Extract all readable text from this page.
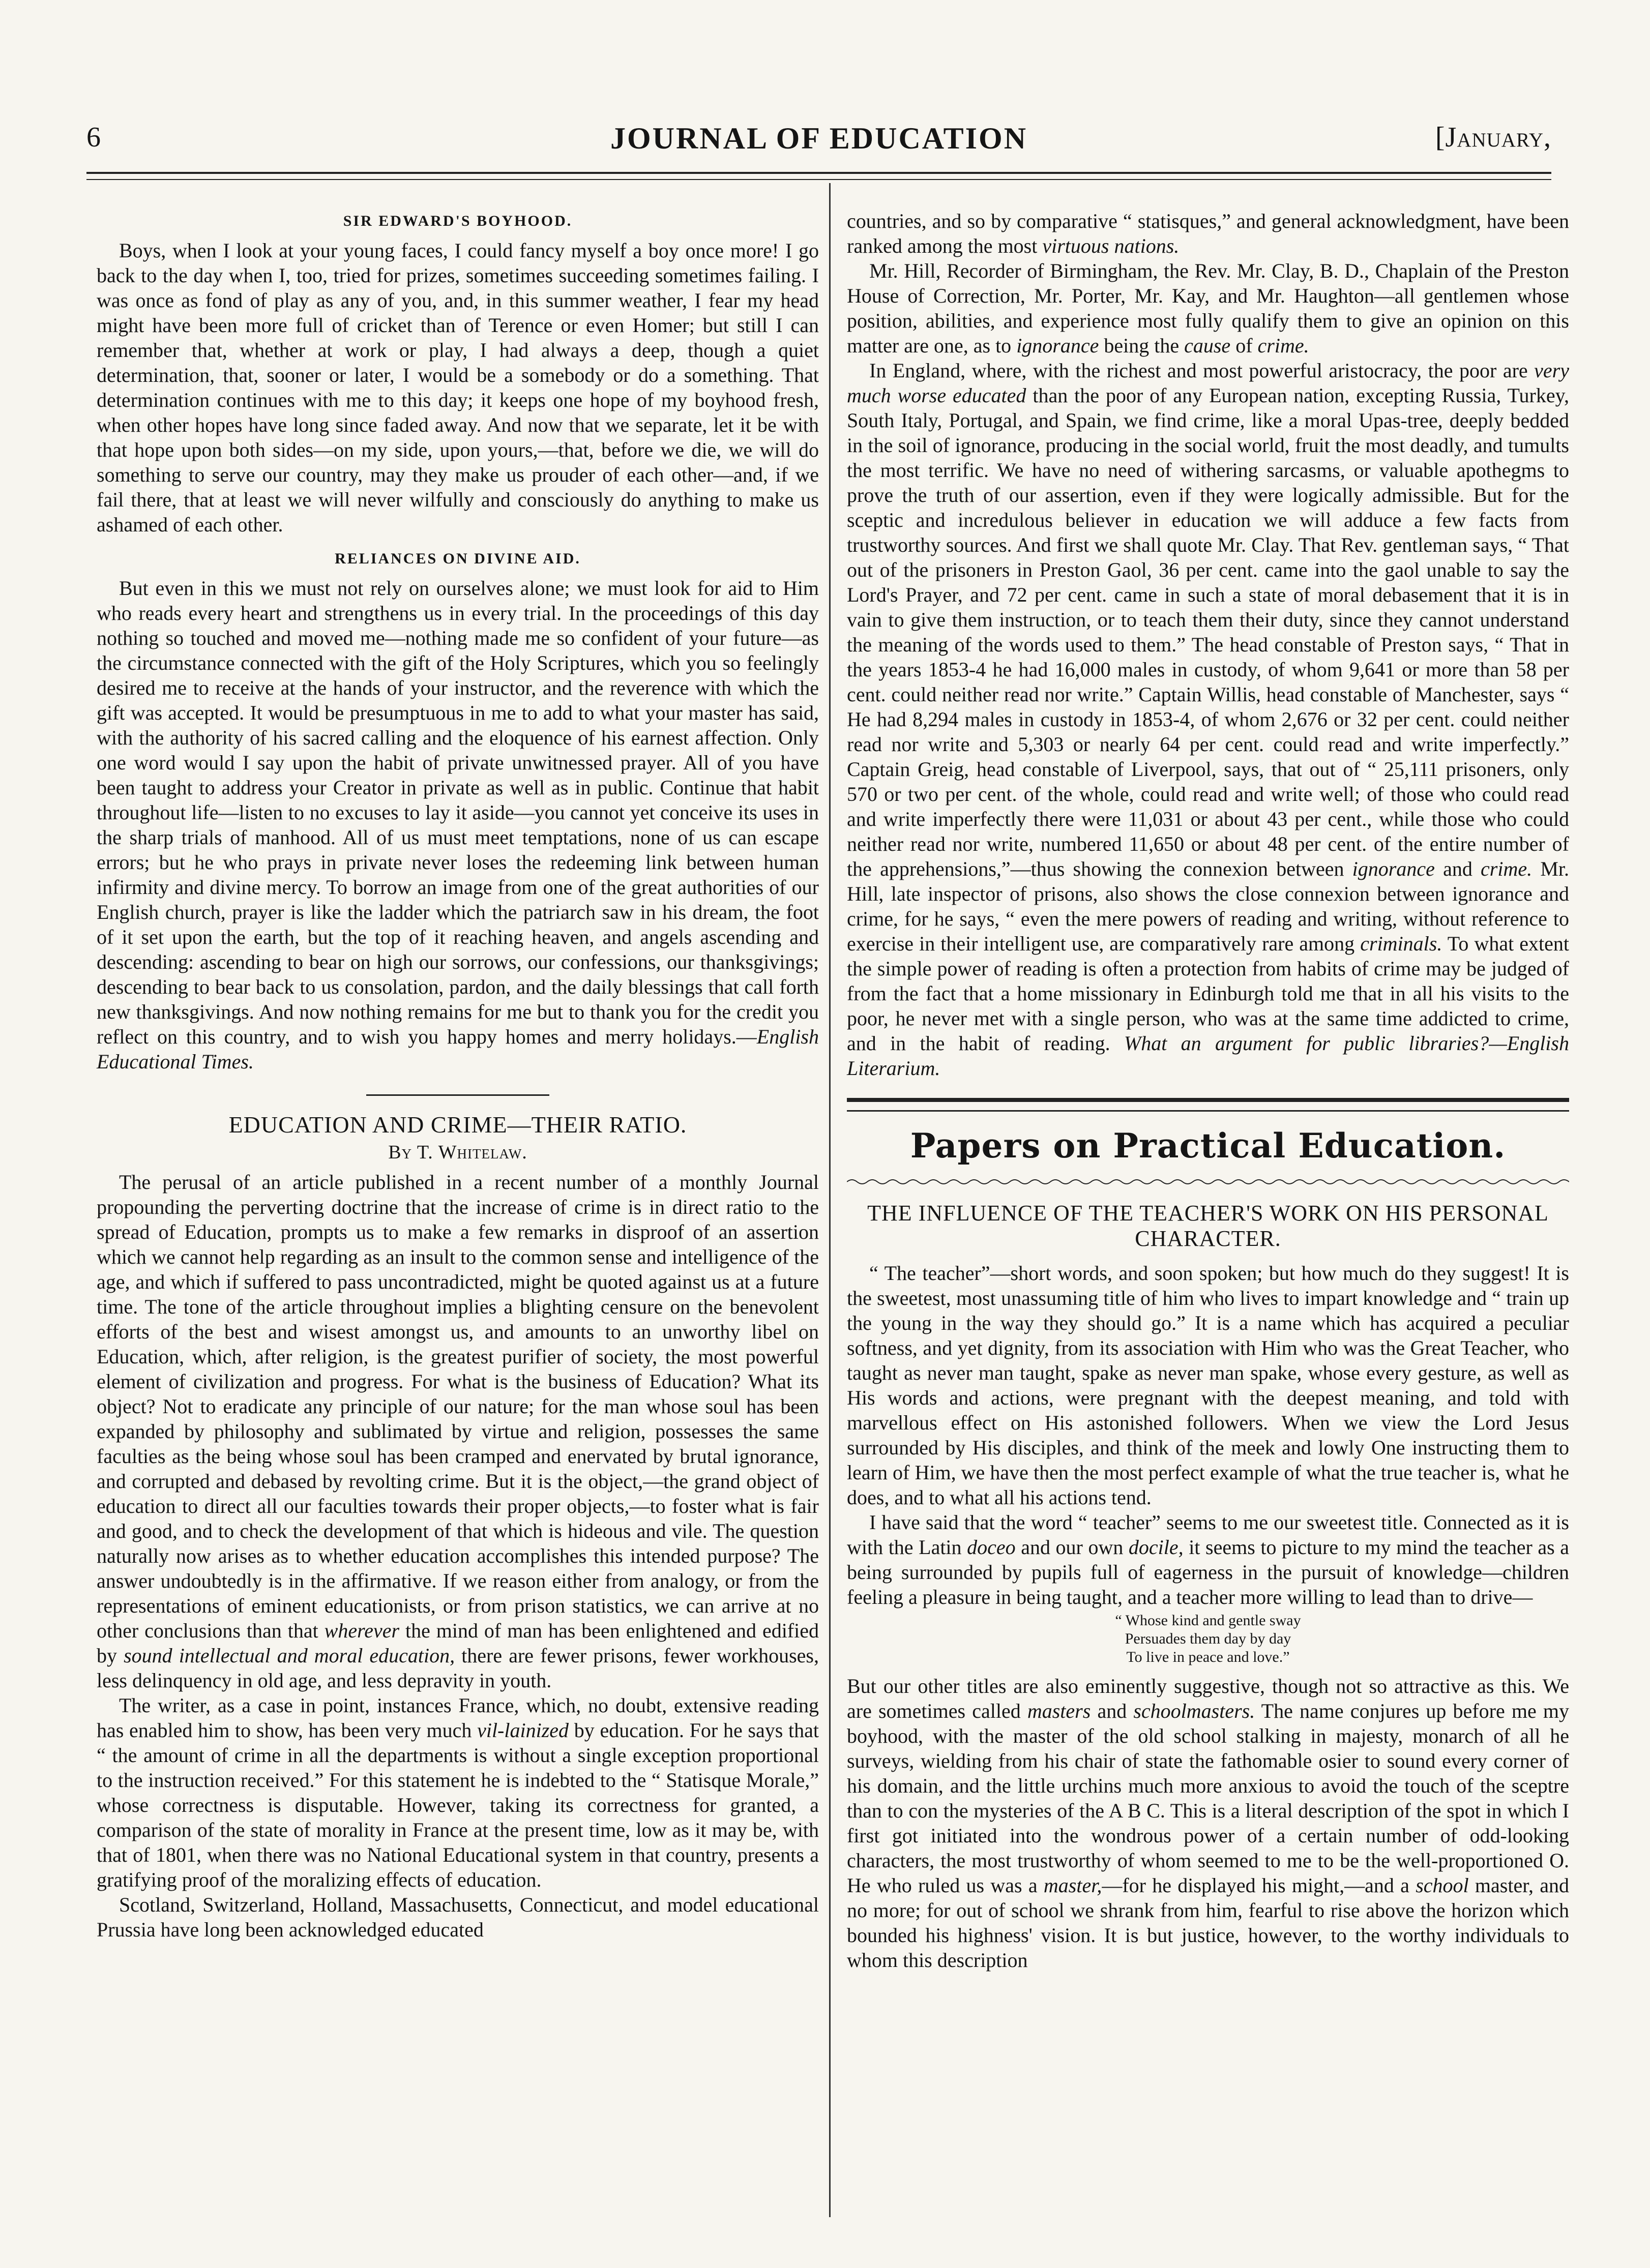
6	JOURNAL OF EDUCATION	[January,
SIR EDWARD'S BOYHOOD.

Boys, when I look at your young faces, I could fancy myself a boy once more! I go back to the day when I, too, tried for prizes, sometimes succeeding sometimes failing. I was once as fond of play as any of you, and, in this summer weather, I fear my head might have been more full of cricket than of Terence or even Homer; but still I can remember that, whether at work or play, I had always a deep, though a quiet determination, that, sooner or later, I would be a somebody or do a something. That determination continues with me to this day; it keeps one hope of my boyhood fresh, when other hopes have long since faded away. And now that we separate, let it be with that hope upon both sides—on my side, upon yours,—that, before we die, we will do something to serve our country, may they make us prouder of each other—and, if we fail there, that at least we will never wilfully and consciously do anything to make us ashamed of each other.

RELIANCES ON DIVINE AID.

But even in this we must not rely on ourselves alone; we must look for aid to Him who reads every heart and strengthens us in every trial. In the proceedings of this day nothing so touched and moved me—nothing made me so confident of your future—as the circumstance connected with the gift of the Holy Scriptures, which you so feelingly desired me to receive at the hands of your instructor, and the reverence with which the gift was accepted. It would be presumptuous in me to add to what your master has said, with the authority of his sacred calling and the eloquence of his earnest affection. Only one word would I say upon the habit of private unwitnessed prayer. All of you have been taught to address your Creator in private as well as in public. Continue that habit throughout life—listen to no excuses to lay it aside—you cannot yet conceive its uses in the sharp trials of manhood. All of us must meet temptations, none of us can escape errors; but he who prays in private never loses the redeeming link between human infirmity and divine mercy. To borrow an image from one of the great authorities of our English church, prayer is like the ladder which the patriarch saw in his dream, the foot of it set upon the earth, but the top of it reaching heaven, and angels ascending and descending: ascending to bear on high our sorrows, our confessions, our thanksgivings; descending to bear back to us consolation, pardon, and the daily blessings that call forth new thanksgivings. And now nothing remains for me but to thank you for the credit you reflect on this country, and to wish you happy homes and merry holidays.—English Educational Times.

EDUCATION AND CRIME—THEIR RATIO.
By T. Whitelaw.

The perusal of an article published in a recent number of a monthly Journal propounding the perverting doctrine that the increase of crime is in direct ratio to the spread of Education, prompts us to make a few remarks in disproof of an assertion which we cannot help regarding as an insult to the common sense and intelligence of the age, and which if suffered to pass uncontradicted, might be quoted against us at a future time. The tone of the article throughout implies a blighting censure on the benevolent efforts of the best and wisest amongst us, and amounts to an unworthy libel on Education, which, after religion, is the greatest purifier of society, the most powerful element of civilization and progress. For what is the business of Education? What its object? Not to eradicate any principle of our nature; for the man whose soul has been expanded by philosophy and sublimated by virtue and religion, possesses the same faculties as the being whose soul has been cramped and enervated by brutal ignorance, and corrupted and debased by revolting crime. But it is the object,—the grand object of education to direct all our faculties towards their proper objects,—to foster what is fair and good, and to check the development of that which is hideous and vile. The question naturally now arises as to whether education accomplishes this intended purpose? The answer undoubtedly is in the affirmative. If we reason either from analogy, or from the representations of eminent educationists, or from prison statistics, we can arrive at no other conclusions than that wherever the mind of man has been enlightened and edified by sound intellectual and moral education, there are fewer prisons, fewer workhouses, less delinquency in old age, and less depravity in youth.

The writer, as a case in point, instances France, which, no doubt, extensive reading has enabled him to show, has been very much vil-lainized by education. For he says that “ the amount of crime in all the departments is without a single exception proportional to the instruction received.” For this statement he is indebted to the “ Statisque Morale,” whose correctness is disputable. However, taking its correctness for granted, a comparison of the state of morality in France at the present time, low as it may be, with that of 1801, when there was no National Educational system in that country, presents a gratifying proof of the moralizing effects of education.

Scotland, Switzerland, Holland, Massachusetts, Connecticut, and model educational Prussia have long been acknowledged educated

countries, and so by comparative “ statisques,” and general acknowledgment, have been ranked among the most virtuous nations.

Mr. Hill, Recorder of Birmingham, the Rev. Mr. Clay, B. D., Chaplain of the Preston House of Correction, Mr. Porter, Mr. Kay, and Mr. Haughton—all gentlemen whose position, abilities, and experience most fully qualify them to give an opinion on this matter are one, as to ignorance being the cause of crime.

In England, where, with the richest and most powerful aristocracy, the poor are very much worse educated than the poor of any European nation, excepting Russia, Turkey, South Italy, Portugal, and Spain, we find crime, like a moral Upas-tree, deeply bedded in the soil of ignorance, producing in the social world, fruit the most deadly, and tumults the most terrific. We have no need of withering sarcasms, or valuable apothegms to prove the truth of our assertion, even if they were logically admissible. But for the sceptic and incredulous believer in education we will adduce a few facts from trustworthy sources. And first we shall quote Mr. Clay. That Rev. gentleman says, “ That out of the prisoners in Preston Gaol, 36 per cent. came into the gaol unable to say the Lord's Prayer, and 72 per cent. came in such a state of moral debasement that it is in vain to give them instruction, or to teach them their duty, since they cannot understand the meaning of the words used to them.” The head constable of Preston says, “ That in the years 1853-4 he had 16,000 males in custody, of whom 9,641 or more than 58 per cent. could neither read nor write.” Captain Willis, head constable of Manchester, says “ He had 8,294 males in custody in 1853-4, of whom 2,676 or 32 per cent. could neither read nor write and 5,303 or nearly 64 per cent. could read and write imperfectly.” Captain Greig, head constable of Liverpool, says, that out of “ 25,111 prisoners, only 570 or two per cent. of the whole, could read and write well; of those who could read and write imperfectly there were 11,031 or about 43 per cent., while those who could neither read nor write, numbered 11,650 or about 48 per cent. of the entire number of the apprehensions,”—thus showing the connexion between ignorance and crime. Mr. Hill, late inspector of prisons, also shows the close connexion between ignorance and crime, for he says, “ even the mere powers of reading and writing, without reference to exercise in their intelligent use, are comparatively rare among criminals. To what extent the simple power of reading is often a protection from habits of crime may be judged of from the fact that a home missionary in Edinburgh told me that in all his visits to the poor, he never met with a single person, who was at the same time addicted to crime, and in the habit of reading. What an argument for public libraries?—English Literarium.

Papers on Practical Education.
THE INFLUENCE OF THE TEACHER'S WORK ON HIS PERSONAL CHARACTER.

“ The teacher”—short words, and soon spoken; but how much do they suggest! It is the sweetest, most unassuming title of him who lives to impart knowledge and “ train up the young in the way they should go.” It is a name which has acquired a peculiar softness, and yet dignity, from its association with Him who was the Great Teacher, who taught as never man taught, spake as never man spake, whose every gesture, as well as His words and actions, were pregnant with the deepest meaning, and told with marvellous effect on His astonished followers. When we view the Lord Jesus surrounded by His disciples, and think of the meek and lowly One instructing them to learn of Him, we have then the most perfect example of what the true teacher is, what he does, and to what all his actions tend.

I have said that the word “ teacher” seems to me our sweetest title. Connected as it is with the Latin doceo and our own docile, it seems to picture to my mind the teacher as a being surrounded by pupils full of eagerness in the pursuit of knowledge—children feeling a pleasure in being taught, and a teacher more willing to lead than to drive—

“ Whose kind and gentle sway
Persuades them day by day
To live in peace and love.”

But our other titles are also eminently suggestive, though not so attractive as this. We are sometimes called masters and schoolmasters. The name conjures up before me my boyhood, with the master of the old school stalking in majesty, monarch of all he surveys, wielding from his chair of state the fathomable osier to sound every corner of his domain, and the little urchins much more anxious to avoid the touch of the sceptre than to con the mysteries of the A B C. This is a literal description of the spot in which I first got initiated into the wondrous power of a certain number of odd-looking characters, the most trustworthy of whom seemed to me to be the well-proportioned O. He who ruled us was a master,—for he displayed his might,—and a school master, and no more; for out of school we shrank from him, fearful to rise above the horizon which bounded his highness' vision. It is but justice, however, to the worthy individuals to whom this description
